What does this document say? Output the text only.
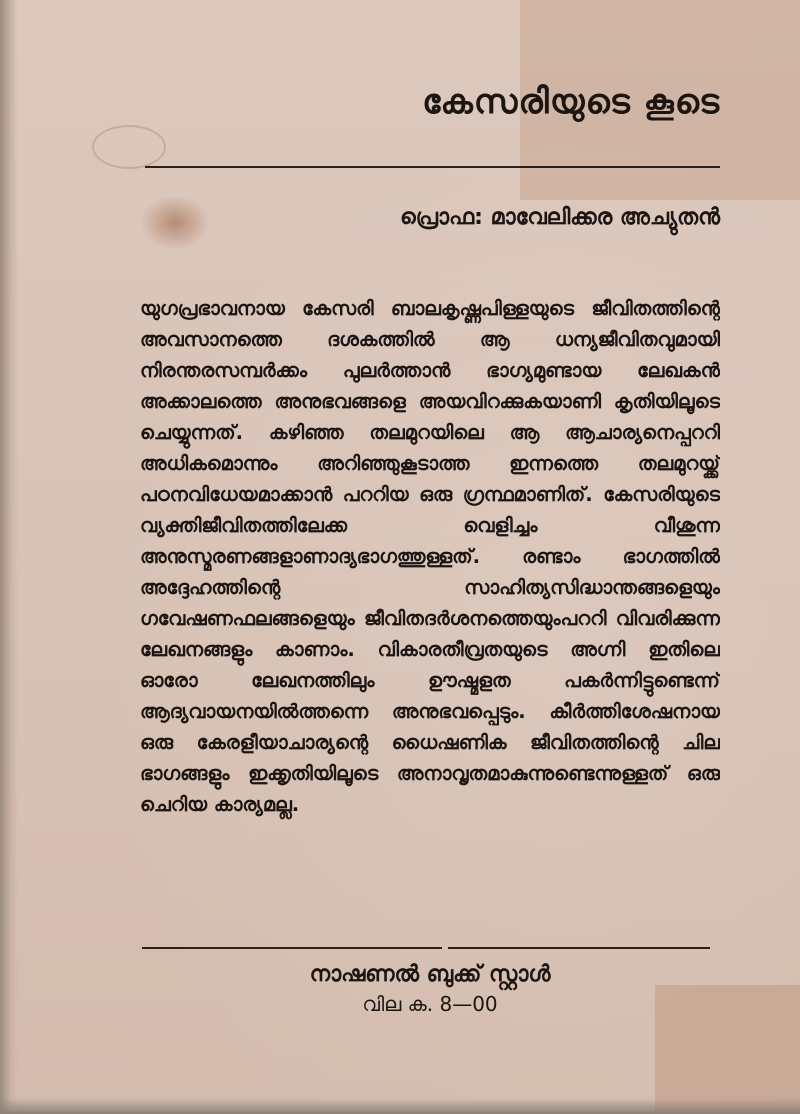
കേസരിയുടെ കൂടെ

പ്രൊഫ: മാവേലിക്കര അച്യുതൻ

യുഗപ്രഭാവനായ കേസരി ബാലകൃഷ്ണപിള്ളയുടെ ജീവിതത്തിന്റെ അവസാനത്തെ ദശകത്തിൽ ആ ധന്യജീവിതവുമായി നിരന്തരസമ്പർക്കം പുലർത്താൻ ഭാഗ്യമുണ്ടായ ലേഖകൻ അക്കാലത്തെ അനുഭവങ്ങളെ അയവിറക്കുകയാണി കൃതിയിലൂടെ ചെയ്യുന്നത്. കഴിഞ്ഞ തലമുറയിലെ ആ ആചാര്യനെപ്പററി അധികമൊന്നും അറിഞ്ഞുകൂടാത്ത ഇന്നത്തെ തലമുറയ്ക്ക് പഠനവിധേയമാക്കാൻ പററിയ ഒരു ഗ്രന്ഥമാണിത്. കേസരിയുടെ വ്യക്തിജീവിതത്തിലേക്ക വെളിച്ചം വീശുന്ന അനുസ്മരണങ്ങളാണാദ്യഭാഗത്തുള്ളത്. രണ്ടാം ഭാഗത്തിൽ അദ്ദേഹത്തിന്റെ സാഹിത്യസിദ്ധാന്തങ്ങളെയും ഗവേഷണഫലങ്ങളെയും ജീവിതദർശനത്തെയുംപററി വിവരിക്കുന്ന ലേഖനങ്ങളും കാണാം. വികാരതീവ്രതയുടെ അഗ്നി ഇതിലെ ഓരോ ലേഖനത്തിലും ഊഷ്മളത പകർന്നിട്ടുണ്ടെന്ന് ആദ്യവായനയിൽത്തന്നെ അനുഭവപ്പെടും. കീർത്തിശേഷനായ ഒരു കേരളീയാചാര്യന്റെ ധൈഷണിക ജീവിതത്തിന്റെ ചില ഭാഗങ്ങളും ഇക്കൃതിയിലൂടെ അനാവൃതമാകുന്നുണ്ടെന്നുള്ളത് ഒരു ചെറിയ കാര്യമല്ല.

നാഷണൽ ബുക്ക് സ്റ്റാൾ

വില ക. 8—00
